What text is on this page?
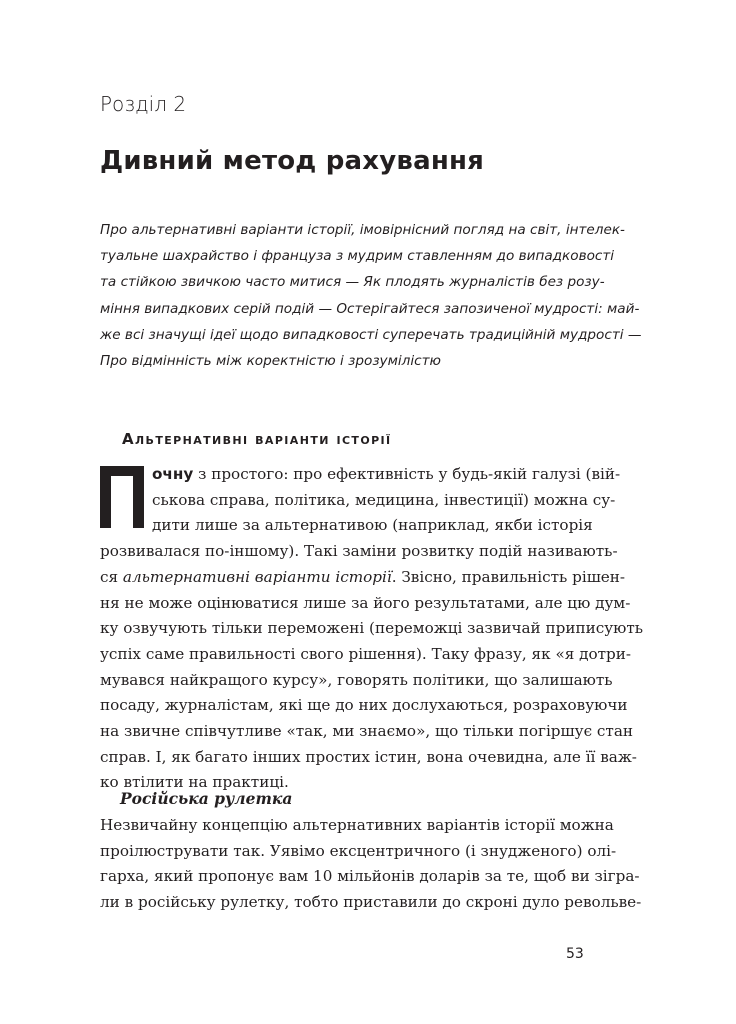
Розділ 2
Дивний метод рахування

Про альтернативні варіанти історії, імовірнісний погляд на світ, інтелек-
туальне шахрайство і француза з мудрим ставленням до випадковості
та стійкою звичкою часто митися — Як плодять журналістів без розу-
міння випадкових серій подій — Остерігайтеся запозиченої мудрості: май-
же всі значущі ідеї щодо випадковості суперечать традиційній мудрості —
Про відмінність між коректністю і зрозумілістю

Альтернативні варіанти історії

очну з простого: про ефективність у будь-якій галузі (вій-
ськова справа, політика, медицина, інвестиції) можна су-
дити лише за альтернативою (наприклад, якби історія
розвивалася по-іншому). Такі заміни розвитку подій називають-
ся альтернативні варіанти історії. Звісно, правильність рішен-
ня не може оцінюватися лише за його результатами, але цю дум-
ку озвучують тільки переможені (переможці зазвичай приписують
успіх саме правильності свого рішення). Таку фразу, як «я дотри-
мувався найкращого курсу», говорять політики, що залишають
посаду, журналістам, які ще до них дослухаються, розраховуючи
на звичне співчутливе «так, ми знаємо», що тільки погіршує стан
справ. І, як багато інших простих істин, вона очевидна, але її важ-
ко втілити на практиці.

Російська рулетка

Незвичайну концепцію альтернативних варіантів історії можна
проілюструвати так. Уявімо ексцентричного (і знудженого) олі-
гарха, який пропонує вам 10 мільйонів доларів за те, щоб ви зігра-
ли в російську рулетку, тобто приставили до скроні дуло револьве-

53
